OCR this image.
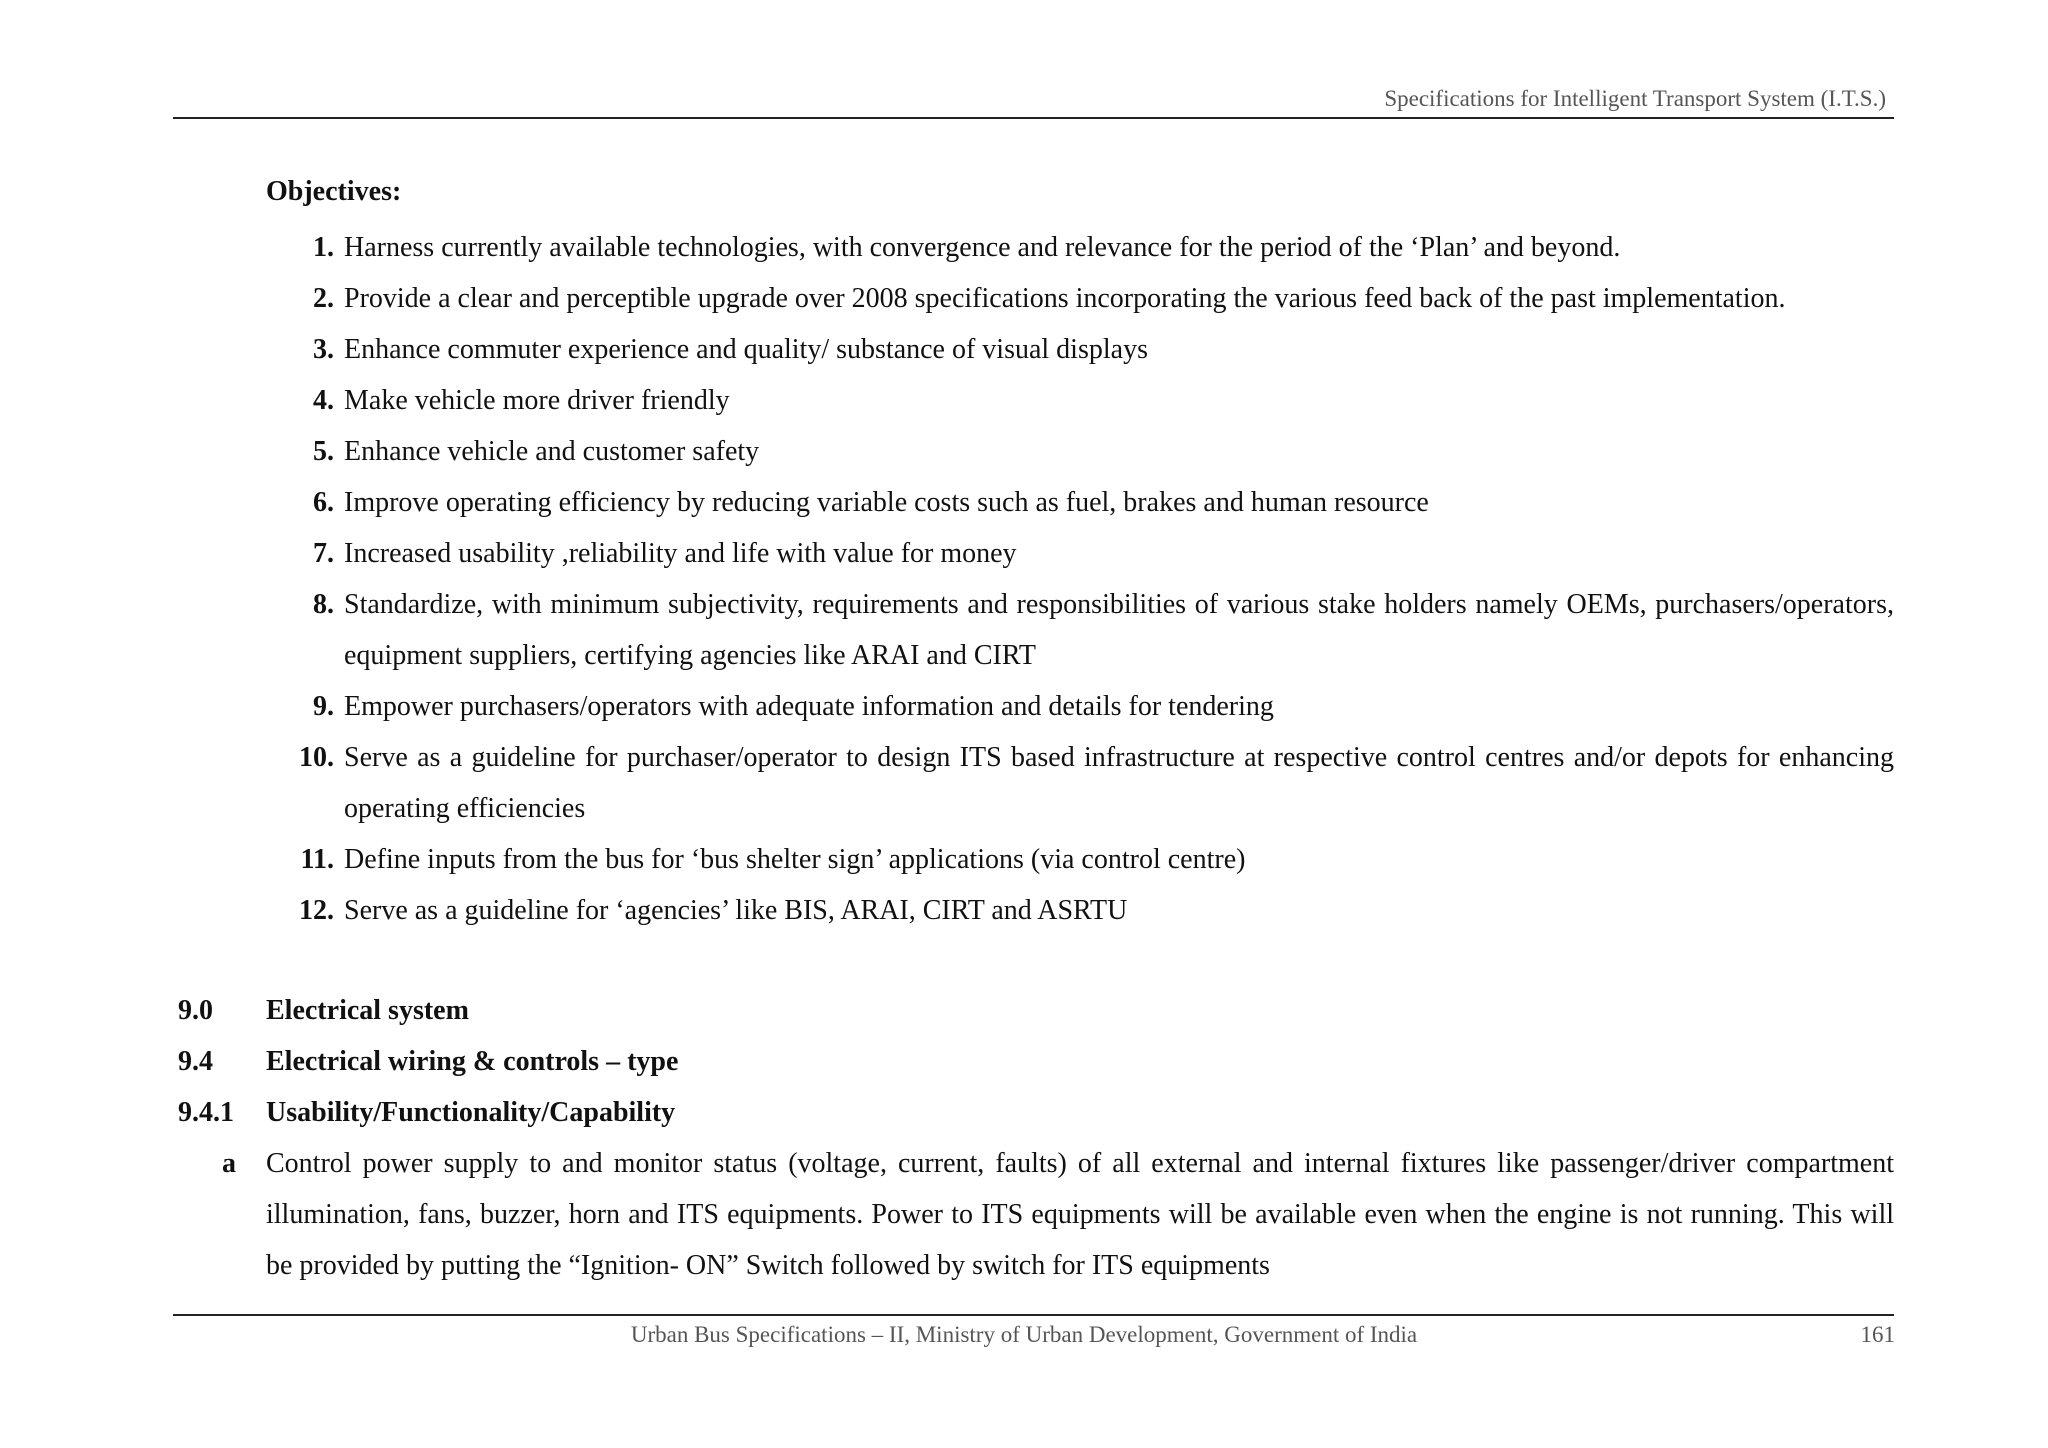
Specifications for Intelligent Transport System (I.T.S.)
Objectives:
1. Harness currently available technologies, with convergence and relevance for the period of the ‘Plan’ and beyond.
2. Provide a clear and perceptible upgrade over 2008 specifications incorporating the various feed back of the past implementation.
3. Enhance commuter experience and quality/ substance of visual displays
4. Make vehicle more driver friendly
5. Enhance vehicle and customer safety
6. Improve operating efficiency by reducing variable costs such as fuel, brakes and human resource
7. Increased usability ,reliability and life with value for money
8. Standardize, with minimum subjectivity, requirements and responsibilities of various stake holders namely OEMs, purchasers/operators, equipment suppliers, certifying agencies like ARAI and CIRT
9. Empower purchasers/operators with adequate information and details for tendering
10. Serve as a guideline for purchaser/operator to design ITS based infrastructure at respective control centres and/or depots for enhancing operating efficiencies
11. Define inputs from the bus for ‘bus shelter sign’ applications (via control centre)
12. Serve as a guideline for ‘agencies’ like BIS, ARAI, CIRT and ASRTU
9.0	Electrical system
9.4	Electrical wiring & controls – type
9.4.1	Usability/Functionality/Capability
a	Control power supply to and monitor status (voltage, current, faults) of all external and internal fixtures like passenger/driver compartment illumination, fans, buzzer, horn and ITS equipments. Power to ITS equipments will be available even when the engine is not running. This will be provided by putting the “Ignition- ON” Switch followed by switch for ITS equipments
Urban Bus Specifications – II, Ministry of Urban Development, Government of India	161
